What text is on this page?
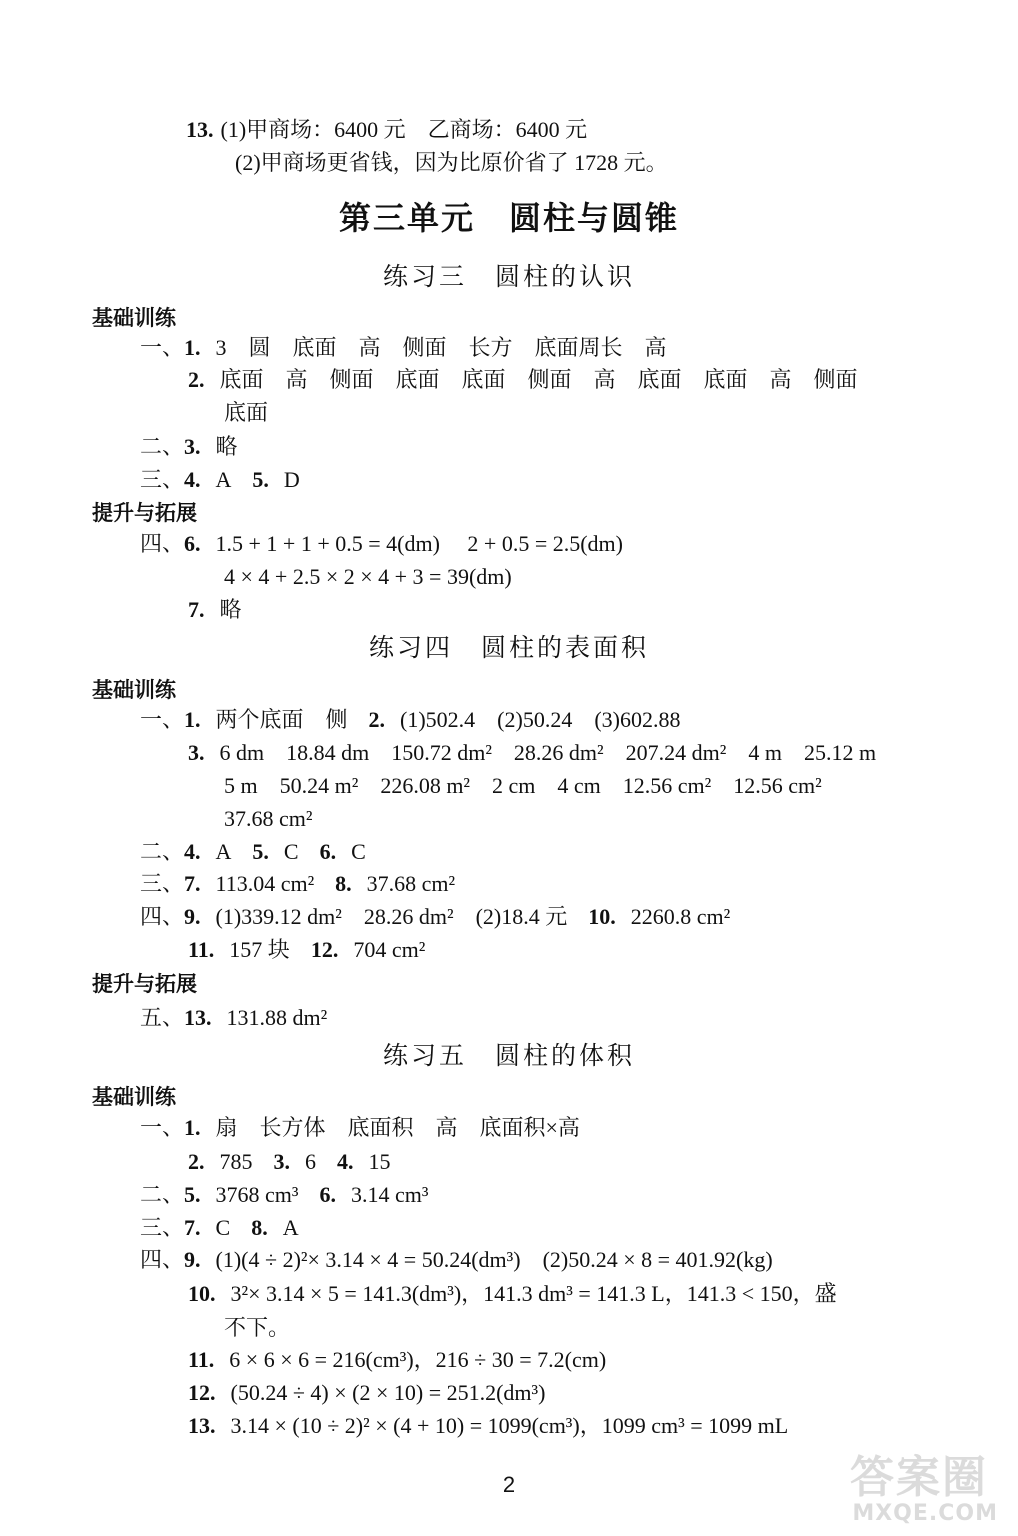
13. (1)甲商场：6400 元　乙商场：6400 元
(2)甲商场更省钱，因为比原价省了 1728 元。
第三单元　圆柱与圆锥
练习三　圆柱的认识
基础训练
一、1. 3　圆　底面　高　侧面　长方　底面周长　高
2. 底面　高　侧面　底面　底面　侧面　高　底面　底面　高　侧面
底面
二、3. 略
三、4. A 5. D
提升与拓展
四、6. 1.5 + 1 + 1 + 0.5 = 4(dm)　 2 + 0.5 = 2.5(dm)
4 × 4 + 2.5 × 2 × 4 + 3 = 39(dm)
7. 略
练习四　圆柱的表面积
基础训练
一、1. 两个底面　侧 2. (1)502.4　(2)50.24　(3)602.88
3. 6 dm　18.84 dm　150.72 dm²　28.26 dm²　207.24 dm²　4 m　25.12 m
5 m　50.24 m²　226.08 m²　2 cm　4 cm　12.56 cm²　12.56 cm²
37.68 cm²
二、4. A 5. C 6. C
三、7. 113.04 cm² 8. 37.68 cm²
四、9. (1)339.12 dm²　28.26 dm²　(2)18.4 元 10. 2260.8 cm²
11. 157 块 12. 704 cm²
提升与拓展
五、13. 131.88 dm²
练习五　圆柱的体积
基础训练
一、1. 扇　长方体　底面积　高　底面积×高
2. 785 3. 6 4. 15
二、5. 3768 cm³ 6. 3.14 cm³
三、7. C 8. A
四、9. (1)(4 ÷ 2)²× 3.14 × 4 = 50.24(dm³)　(2)50.24 × 8 = 401.92(kg)
10. 3²× 3.14 × 5 = 141.3(dm³)，141.3 dm³ = 141.3 L，141.3 < 150，盛
不下。
11. 6 × 6 × 6 = 216(cm³)，216 ÷ 30 = 7.2(cm)
12. (50.24 ÷ 4) × (2 × 10) = 251.2(dm³)
13. 3.14 × (10 ÷ 2)² × (4 + 10) = 1099(cm³)，1099 cm³ = 1099 mL
2	答案圈
MXQE.COM
